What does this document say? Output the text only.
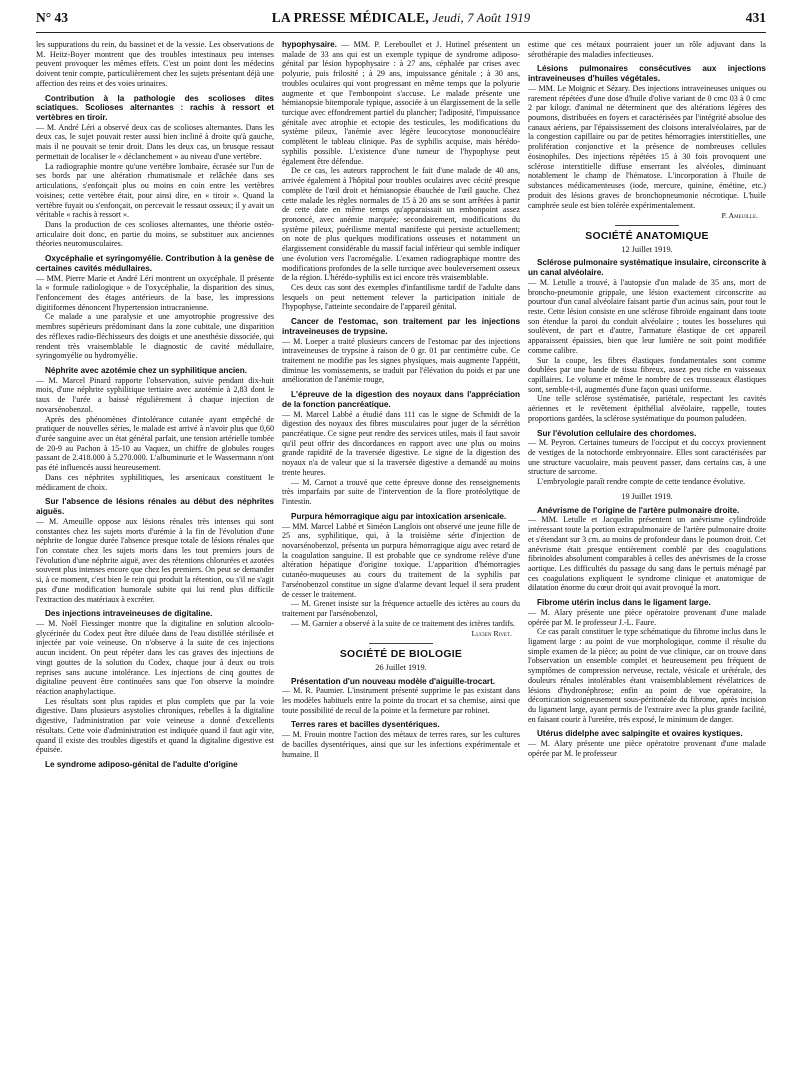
N° 43	LA PRESSE MÉDICALE, Jeudi, 7 Août 1919	431

les suppurations du rein, du bassinet et de la vessie. Les observations de M. Heitz-Boyer montrent que des troubles intestinaux peu intenses peuvent provoquer les mêmes effets. C'est un point dont les médecins doivent tenir compte, particulièrement chez les sujets présentant déjà une affection des reins et des voies urinaires.

Contribution à la pathologie des scolioses dites sciatiques. Scolioses alternantes : rachis à ressort et vertèbres en tiroir.

— M. André Léri a observé deux cas de scolioses alternantes. Dans les deux cas, le sujet pouvait rester aussi bien incliné à droite qu'à gauche, mais il ne pouvait se tenir droit. Dans les deux cas, un brusque ressaut permettait de localiser le « déclanchement » au niveau d'une vertèbre.

La radiographie montre qu'une vertèbre lombaire, écrasée sur l'un de ses bords par une altération rhumatismale et relâchée dans ses articulations, s'enfonçait plus ou moins en coin entre les vertèbres voisines; cette vertèbre était, pour ainsi dire, en « tiroir ». Quand la vertèbre fuyait ou s'enfonçait, on percevait le ressaut osseux; il y avait un véritable « rachis à ressort ».

Dans la production de ces scolioses alternantes, une théorie ostéo-articulaire doit donc, en partie du moins, se substituer aux anciennes théories neuromusculaires.

Oxycéphalie et syringomyélie. Contribution à la genèse de certaines cavités médullaires.

— MM. Pierre Marie et André Léri montrent un oxycéphale. Il présente la « formule radiologique » de l'oxycéphalie, la disparition des sinus, l'enfoncement des étages antérieurs de la base, les impressions digitiformes dénoncent l'hypertension intracranienne.

Ce malade a une paralysie et une amyotrophie progressive des membres supérieurs prédominant dans la zone cubitale, une disparition des réflexes radio-fléchisseurs des doigts et une anesthésie dissociée, qui rendent très vraisemblable le diagnostic de cavité médullaire, syringomyélie ou hydromyélie.

Néphrite avec azotémie chez un syphilitique ancien.

— M. Marcel Pinard rapporte l'observation, suivie pendant dix-huit mois, d'une néphrite syphilitique tertiaire avec azotémie à 2,83 dont le taux de l'urée a baissé régulièrement à chaque injection de novarsénobenzol.

Après des phénomènes d'intolérance cutanée ayant empêché de pratiquer de nouvelles séries, le malade est arrivé à n'avoir plus que 0,60 d'urée sanguine avec un état général parfait, une tension artérielle tombée de 20-9 au Pachon à 15-10 au Vaquez, un chiffre de globules rouges passant de 2.418.000 à 5.270.000. L'albuminurie et le Wassermann n'ont pas été influencés aussi heureusement.

Dans ces néphrites syphilitiques, les arsenicaux constituent le médicament de choix.

Sur l'absence de lésions rénales au début des néphrites aiguës.

— M. Ameuille oppose aux lésions rénales très intenses qui sont constantes chez les sujets morts d'urémie à la fin de l'évolution d'une néphrite de longue durée l'absence presque totale de lésions rénales que l'on constate chez les sujets morts dans les tout premiers jours de l'évolution d'une néphrite aiguë, avec des rétentions chlorurées et azotées souvent plus intenses encore que chez les premiers. On peut se demander si, à ce moment, c'est bien le rein qui produit la rétention, ou s'il ne s'agit pas d'une modification humorale subite qui lui rend plus difficile l'extraction des matériaux à excréter.

Des injections intraveineuses de digitaline.

— M. Noël Fiessinger montre que la digitaline en solution alcoolo-glycérinée du Codex peut être diluée dans de l'eau distillée stérilisée et injectée par voie veineuse. On n'observe à la suite de ces injections aucun incident. On peut répéter dans les cas graves des injections de vingt gouttes de la solution du Codex, chaque jour à deux ou trois reprises sans aucune intolérance. Les injections de cinq gouttes de digitaline peuvent être continuées sans que l'on observe la moindre réaction anaphylactique.

Les résultats sont plus rapides et plus complets que par la voie digestive. Dans plusieurs asystolies chroniques, rebelles à la digitaline digestive, l'administration par voie veineuse a donné d'excellents résultats. Cette voie d'administration est indiquée quand il faut agir vite, quand il existe des troubles digestifs et quand la digitaline digestive est épuisée.

Le syndrome adiposo-génital de l'adulte d'origine

hypophysaire. — MM. P. Lereboullet et J. Hutinel présentent un malade de 33 ans qui est un exemple typique de syndrome adiposo-génital par lésion hypophysaire : à 27 ans, céphalée par crises avec polyurie, puis frilosité ; à 29 ans, impuissance génitale ; à 30 ans, troubles oculaires qui vont progressant en même temps que la polyurie augmente et que l'embonpoint s'accuse. Le malade présente une hémianopsie bitemporale typique, associée à un élargissement de la selle turcique avec effondrement partiel du plancher; l'adiposité, l'impuissance génitale avec atrophie et ectopie des testicules, les modifications du système pileux, l'anémie avec légère leucocytose mononucléaire complètent le tableau clinique. Pas de syphilis acquise, mais hérédo-syphilis possible. L'existence d'une tumeur de l'hypophyse peut également être défendue.

De ce cas, les auteurs rapprochent le fait d'une malade de 40 ans, arrivée également à l'hôpital pour troubles oculaires avec cécité presque complète de l'œil droit et hémianopsie ébauchée de l'œil gauche. Chez cette malade les règles normales de 15 à 20 ans se sont arrêtées à partir de cette date en même temps qu'apparaissait un embonpoint assez prononcé, avec anémie marquée; secondairement, modifications du système pileux, puérilisme mental manifeste qui persiste actuellement; on note de plus quelques modifications osseuses et notamment un élargissement considérable du massif facial inférieur qui semble indiquer une évolution vers l'acromégalie. L'examen radiographique montre des modifications profondes de la selle turcique avec bouleversement osseux de la région. L'hérédo-syphilis est ici encore très vraisemblable.

Ces deux cas sont des exemples d'infantilisme tardif de l'adulte dans lesquels on peut nettement relever la participation initiale de l'hypophyse, l'atteinte secondaire de l'appareil génital.

Cancer de l'estomac, son traitement par les injections intraveineuses de trypsine.

— M. Loeper a traité plusieurs cancers de l'estomac par des injections intraveineuses de trypsine à raison de 0 gr. 01 par centimètre cube. Ce traitement ne modifie pas les signes physiques, mais augmente l'appétit, diminue les vomissements, se traduit par l'élévation du poids et par une amélioration de l'anémie rouge,

L'épreuve de la digestion des noyaux dans l'appréciation de la fonction pancréatique.

— M. Marcel Labbé a étudié dans 111 cas le signe de Schmidt de la digestion des noyaux des fibres musculaires pour juger de la sécrétion pancréatique. Ce signe peut rendre des services utiles, mais il faut savoir qu'il peut offrir des discordances en rapport avec une plus ou moins grande rapidité de la traversée digestive. Le signe de la digestion des noyaux n'a de valeur que si la traversée digestive a demandé au moins trente heures.

— M. Carnot a trouvé que cette épreuve donne des renseignements très imparfaits par suite de l'intervention de la flore protéolytique de l'intestin.

Purpura hémorragique aigu par intoxication arsenicale.

— MM. Marcel Labbé et Siméon Langlois ont observé une jeune fille de 25 ans, syphilitique, qui, à la troisième série d'injection de novarsénobenzol, présenta un purpura hémorragique aigu avec retard de la coagulation sanguine. Il est probable que ce syndrome relève d'une altération hépatique d'origine toxique. L'apparition d'hémorragies cutanéo-muqueuses au cours du traitement de la syphilis par l'arsénobenzol constitue un signe d'alarme devant lequel il sera prudent de cesser le traitement.

— M. Grenet insiste sur la fréquence actuelle des ictères au cours du traitement par l'arsénobenzol,

— M. Garnier a observé à la suite de ce traitement des ictères tardifs.

Lucien Rivet.

SOCIÉTÉ DE BIOLOGIE
26 Juillet 1919.
Présentation d'un nouveau modèle d'aiguille-trocart.

— M. R. Paumier. L'instrument présenté supprime le pas existant dans les modèles habituels entre la pointe du trocart et sa chemise, ainsi que toute possibilité de recul de la pointe et la fermeture par robinet.

Terres rares et bacilles dysentériques.

— M. Frouin montre l'action des métaux de terres rares, sur les cultures de bacilles dysentériques, ainsi que sur les infections expérimentale et humaine. Il

estime que ces métaux pourraient jouer un rôle adjuvant dans la sérothérapie des maladies infectieuses.

Lésions pulmonaires consécutives aux injections intraveineuses d'huiles végétales.

— MM. Le Moignic et Sézary. Des injections intraveineuses uniques ou rarement répétées d'une dose d'huile d'olive variant de 0 cmc 03 à 0 cmc 2 par kilogr. d'animal ne déterminent que des altérations légères des poumons, distribuées en foyers et caractérisées par l'intégrité absolue des canaux aériens, par l'épaississement des cloisons interalvéolaires, par de la congestion capillaire ou par de petites hémorragies interstitielles, une prolifération conjonctive et la présence de nombreuses cellules éosinophiles. Des injections répétées 15 à 30 fois provoquent une sclérose interstitielle diffuse enserrant les alvéoles, diminuant notablement le champ de l'hématose. L'incorporation à l'huile de substances médicamenteuses (iode, mercure, quinine, émétine, etc.) produit des lésions graves de bronchopneumonie nécrotique. L'huile camphrée seule est bien tolérée expérimentalement.

P. Ameuille.

SOCIÉTÉ ANATOMIQUE
12 Juillet 1919.
Sclérose pulmonaire systématique insulaire, circonscrite à un canal alvéolaire.

— M. Letulle a trouvé, à l'autopsie d'un malade de 35 ans, mort de broncho-pneumonie grippale, une lésion exactement circonscrite au pourtour d'un canal alvéolaire faisant partie d'un acinus sain, pour tout le reste. Cette lésion consiste en une sclérose fibroïde engainant dans toute son étendue la paroi du conduit alvéolaire ; toutes les bosselures qui soulèvent, de part et d'autre, l'armature élastique de cet appareil apparaissent épaissies, bien que leur lumière ne soit point modifiée comme calibre.

Sur la coupe, les fibres élastiques fondamentales sont comme doublées par une bande de tissu fibreux, assez peu riche en vaisseaux capillaires. Le volume et même le nombre de ces trousseaux élastiques sont, semble-t-il, augmentés d'une façon quasi uniforme.

Une telle sclérose systématisée, pariétale, respectant les cavités aériennes et le revêtement épithélial alvéolaire, rappelle, toutes proportions gardées, la sclérose systématique du poumon paludéen.

Sur l'évolution cellulaire des chordomes.

— M. Peyron. Certaines tumeurs de l'occiput et du coccyx proviennent de vestiges de la notochorde embryonnaire. Elles sont caractérisées par une structure vacuolaire, mais peuvent passer, dans certains cas, à une structure de sarcome.

L'embryologie paraît rendre compte de cette tendance évolutive.

19 Juillet 1919.
Anévrisme de l'origine de l'artère pulmonaire droite.

— MM. Letulle et Jacquelin présentent un anévrisme cylindroïde intéressant toute la portion extrapulmonaire de l'artère pulmonaire droite et s'étendant sur 3 cm. au moins de profondeur dans le poumon droit. Cet anévrisme était presque entièrement comblé par des coagulations fibrinoïdes absolument comparables à celles des anévrismes de la crosse aortique. Les difficultés du passage du sang dans le pertuis ménagé par ces coagulations expliquent le syndrome clinique et anatomique de dilatation énorme du cœur droit qui avait provoqué la mort.

Fibrome utérin inclus dans le ligament large.

— M. Alary présente une pièce opératoire provenant d'une malade opérée par M. le professeur J.-L. Faure.

Ce cas paraît constituer le type schématique du fibrome inclus dans le ligament large : au point de vue morphologique, comme il résulte du simple examen de la pièce; au point de vue clinique, car on trouve dans l'observation un ensemble complet et heureusement peu fréquent de symptômes de compression nerveuse, rectale, vésicale et urétérale, des douleurs rénales intolérables étant vraisemblablement révélatrices de lésions d'hydronéphrose; enfin au point de vue opératoire, la décortication soigneusement sous-péritonéale du fibrome, après incision du ligament large, ayant permis de l'extraire avec la plus grande facilité, en faisant courir à l'uretère, très exposé, le minimum de danger.

Utérus didelphe avec salpingite et ovaires kystiques.

— M. Alary présente une pièce opératoire provenant d'une malade opérée par M. le professeur
